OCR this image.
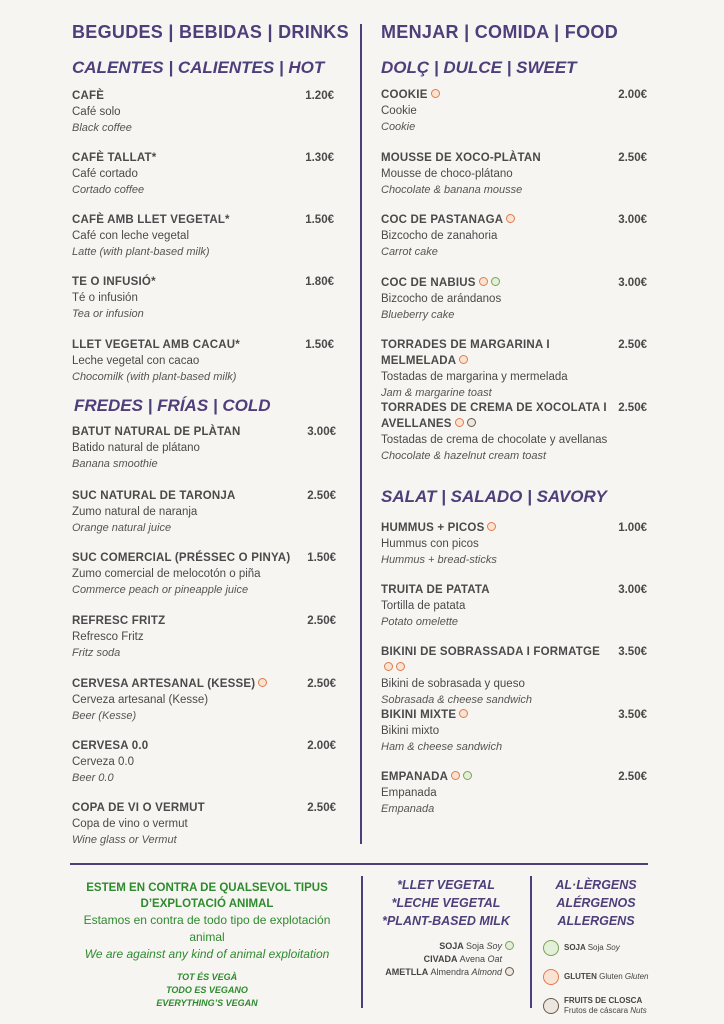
BEGUDES | BEBIDAS | DRINKS
CALENTES | CALIENTES | HOT
CAFÈ	1.20€
Café solo
Black coffee
CAFÈ TALLAT*	1.30€
Café cortado
Cortado coffee
CAFÈ AMB LLET VEGETAL*	1.50€
Café con leche vegetal
Latte (with plant-based milk)
TE O INFUSIÓ*	1.80€
Té o infusión
Tea or infusion
LLET VEGETAL AMB CACAU*	1.50€
Leche vegetal con cacao
Chocomilk (with plant-based milk)
FREDES | FRÍAS | COLD
BATUT NATURAL DE PLÀTAN	3.00€
Batido natural de plátano
Banana smoothie
SUC NATURAL DE TARONJA	2.50€
Zumo natural de naranja
Orange natural juice
SUC COMERCIAL (PRÉSSEC O PINYA)	1.50€
Zumo comercial de melocotón o piña
Commerce peach or pineapple juice
REFRESC FRITZ	2.50€
Refresco Fritz
Fritz soda
CERVESA ARTESANAL (KESSE)	2.50€
Cerveza artesanal (Kesse)
Beer (Kesse)
CERVESA 0.0	2.00€
Cerveza 0.0
Beer 0.0
COPA DE VI O VERMUT	2.50€
Copa de vino o vermut
Wine glass or Vermut
MENJAR | COMIDA | FOOD
DOLÇ | DULCE | SWEET
COOKIE	2.00€
Cookie
Cookie
MOUSSE DE XOCO-PLÀTAN	2.50€
Mousse de choco-plátano
Chocolate & banana mousse
COC DE PASTANAGA	3.00€
Bizcocho de zanahoria
Carrot cake
COC DE NABIUS	3.00€
Bizcocho de arándanos
Blueberry cake
TORRADES DE MARGARINA I MELMELADA
2.50€
Tostadas de margarina y mermelada
Jam & margarine toast
TORRADES DE CREMA DE XOCOLATA I AVELLANES
2.50€
Tostadas de crema de chocolate y avellanas
Chocolate & hazelnut cream toast
SALAT | SALADO | SAVORY
HUMMUS + PICOS	1.00€
Hummus con picos
Hummus + bread-sticks
TRUITA DE PATATA	3.00€
Tortilla de patata
Potato omelette
BIKINI DE SOBRASSADA I FORMATGE	3.50€
Bikini de sobrasada y queso
Sobrasada & cheese sandwich
BIKINI MIXTE	3.50€
Bikini mixto
Ham & cheese sandwich
EMPANADA	2.50€
Empanada
Empanada
ESTEM EN CONTRA DE QUALSEVOL TIPUS D’EXPLOTACIÓ ANIMAL
Estamos en contra de todo tipo de explotación animal
We are against any kind of animal exploitation
TOT ÉS VEGÀ
TODO ES VEGANO
EVERYTHING’S VEGAN
*LLET VEGETAL
*LECHE VEGETAL
*PLANT-BASED MILK
SOJA Soja Soy
CIVADA Avena Oat
AMETLLA Almendra Almond
AL·LÈRGENS
ALÉRGENOS
ALLERGENS
SOJA Soja Soy
GLUTEN Gluten Gluten
FRUITS DE CLOSCA Frutos de cáscara Nuts
